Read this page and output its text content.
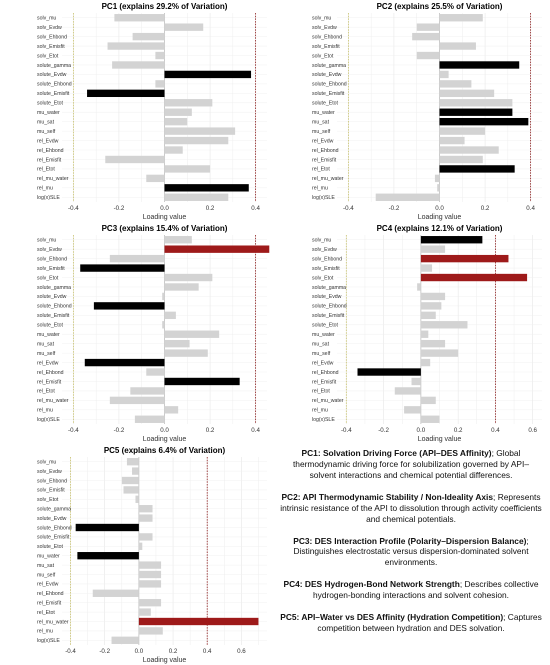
PC1 (explains 29.2% of Variation)
solv_mu
solv_Evdw
solv_Ehbond
solv_Emisfit
solv_Etot
solute_gamma
solute_Evdw
solute_Ehbond
solute_Emisfit
solute_Etot
mu_water
mu_sat
mu_self
rel_Evdw
rel_Ehbond
rel_Emisfit
rel_Etot
rel_mu_water
rel_mu
log(x)SLE
-0.4	-0.2	0.0	0.2	0.4
Loading value
PC2 (explains 25.5% of Variation)
solv_mu
solv_Evdw
solv_Ehbond
solv_Emisfit
solv_Etot
solute_gamma
solute_Evdw
solute_Ehbond
solute_Emisfit
solute_Etot
mu_water
mu_sat
mu_self
rel_Evdw
rel_Ehbond
rel_Emisfit
rel_Etot
rel_mu_water
rel_mu
log(x)SLE
-0.4	-0.2	0.0	0.2	0.4
Loading value
PC3 (explains 15.4% of Variation)
solv_mu
solv_Evdw
solv_Ehbond
solv_Emisfit
solv_Etot
solute_gamma
solute_Evdw
solute_Ehbond
solute_Emisfit
solute_Etot
mu_water
mu_sat
mu_self
rel_Evdw
rel_Ehbond
rel_Emisfit
rel_Etot
rel_mu_water
rel_mu
log(x)SLE
-0.4	-0.2	0.0	0.2	0.4
Loading value
PC4 (explains 12.1% of Variation)
solv_mu
solv_Evdw
solv_Ehbond
solv_Emisfit
solv_Etot
solute_gamma
solute_Evdw
solute_Ehbond
solute_Emisfit
solute_Etot
mu_water
mu_sat
mu_self
rel_Evdw
rel_Ehbond
rel_Emisfit
rel_Etot
rel_mu_water
rel_mu
log(x)SLE
-0.4	-0.2	0.0	0.2	0.4	0.6
Loading value
PC5 (explains 6.4% of Variation)
solv_mu
solv_Evdw
solv_Ehbond
solv_Emisfit
solv_Etot
solute_gamma
solute_Evdw
solute_Ehbond
solute_Emisfit
solute_Etot
mu_water
mu_sat
mu_self
rel_Evdw
rel_Ehbond
rel_Emisfit
rel_Etot
rel_mu_water
rel_mu
log(x)SLE
-0.4	-0.2	0.0	0.2	0.4	0.6
Loading value

PC1: Solvation Driving Force (API–DES Affinity); Global thermodynamic driving force for solubilization governed by API–solvent interactions and chemical potential differences.

PC2: API Thermodynamic Stability / Non-Ideality Axis; Represents intrinsic resistance of the API to dissolution through activity coefficients and chemical potentials.

PC3: DES Interaction Profile (Polarity–Dispersion Balance); Distinguishes electrostatic versus dispersion-dominated solvent environments.

PC4: DES Hydrogen-Bond Network Strength; Describes collective hydrogen-bonding interactions and solvent cohesion.

PC5: API–Water vs DES Affinity (Hydration Competition); Captures competition between hydration and DES solvation.
